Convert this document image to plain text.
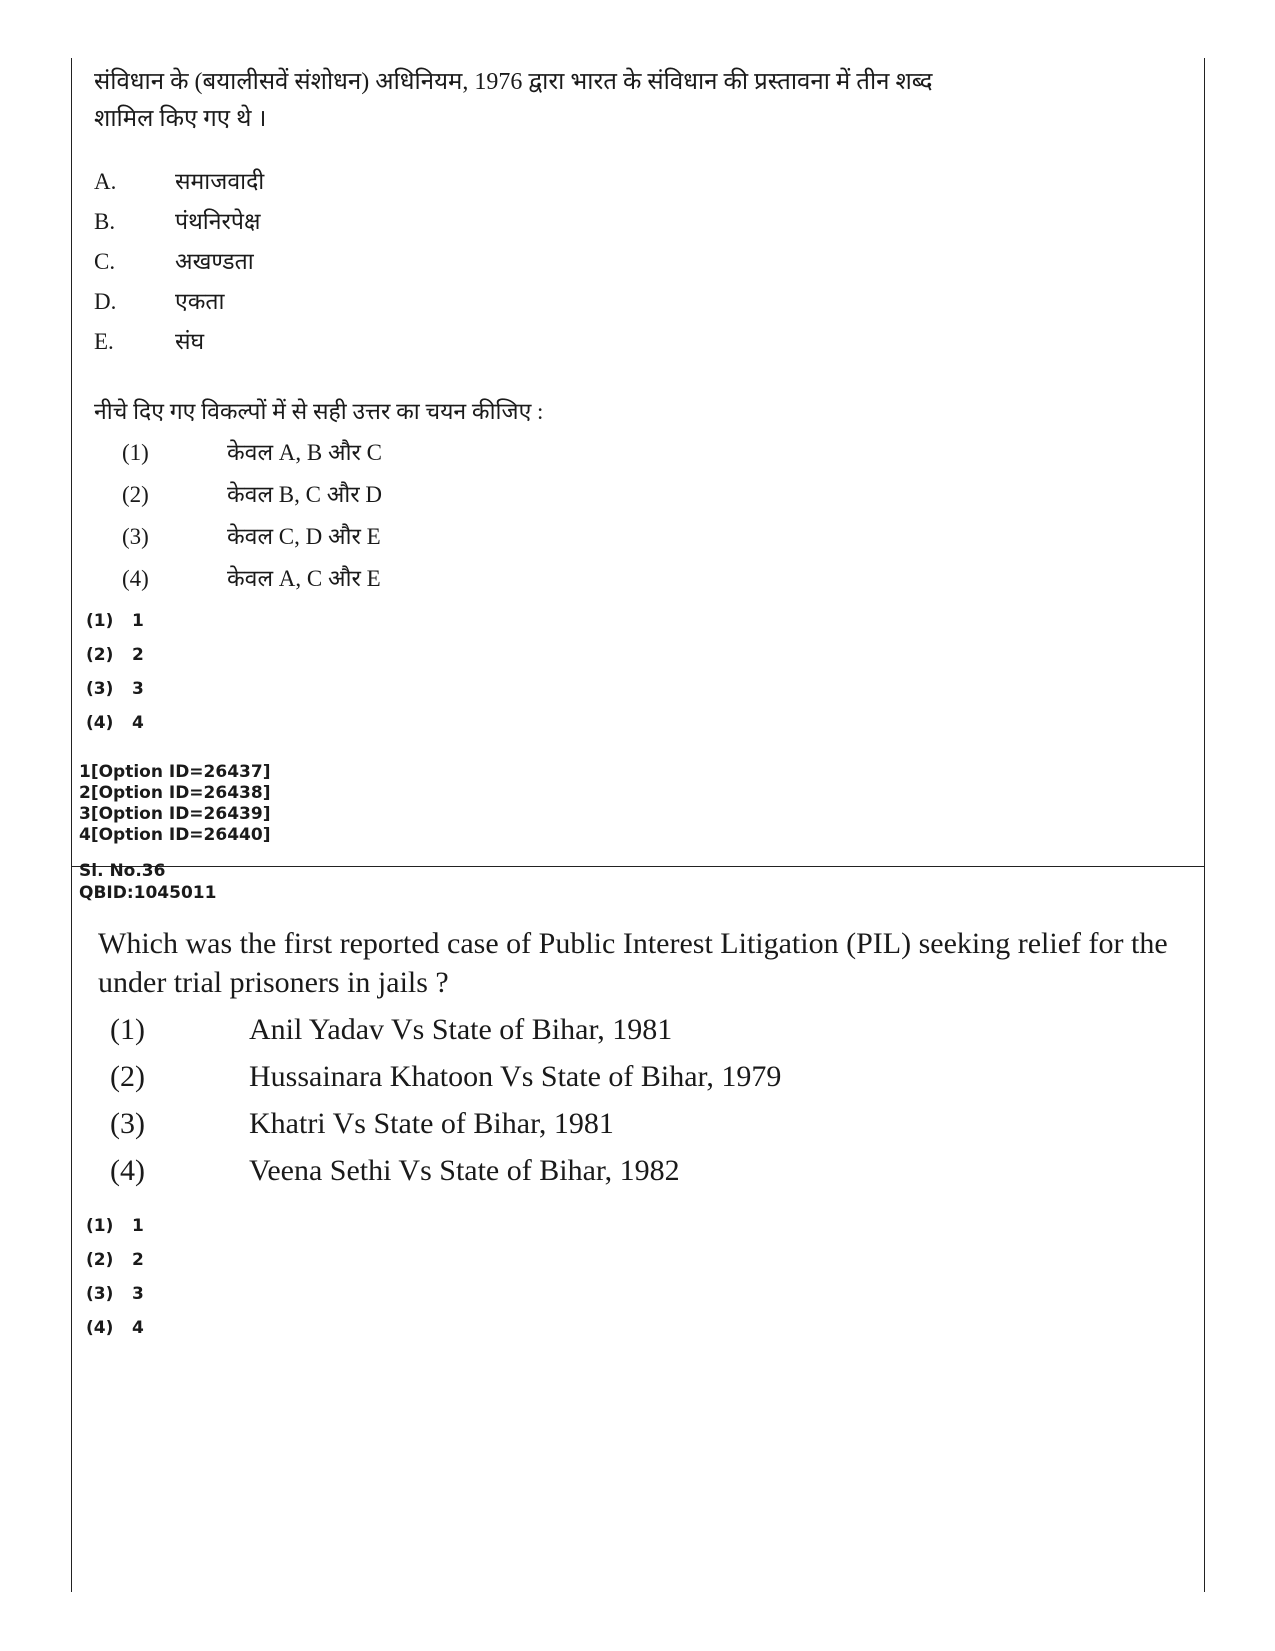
संविधान के (बयालीसवें संशोधन) अधिनियम, 1976 द्वारा भारत के संविधान की प्रस्तावना में तीन शब्द शामिल किए गए थे ।
A.	समाजवादी
B.	पंथनिरपेक्ष
C.	अखण्डता
D.	एकता
E.	संघ
नीचे दिए गए विकल्पों में से सही उत्तर का चयन कीजिए :
(1)	केवल A, B और C
(2)	केवल B, C और D
(3)	केवल C, D और E
(4)	केवल A, C और E
(1) 1
(2) 2
(3) 3
(4) 4
1[Option ID=26437]
2[Option ID=26438]
3[Option ID=26439]
4[Option ID=26440]
Sl. No.36
QBID:1045011
Which was the first reported case of Public Interest Litigation (PIL) seeking relief for the under trial prisoners in jails ?
(1)	Anil Yadav Vs State of Bihar, 1981
(2)	Hussainara Khatoon Vs State of Bihar, 1979
(3)	Khatri Vs State of Bihar, 1981
(4)	Veena Sethi Vs State of Bihar, 1982
(1) 1
(2) 2
(3) 3
(4) 4
